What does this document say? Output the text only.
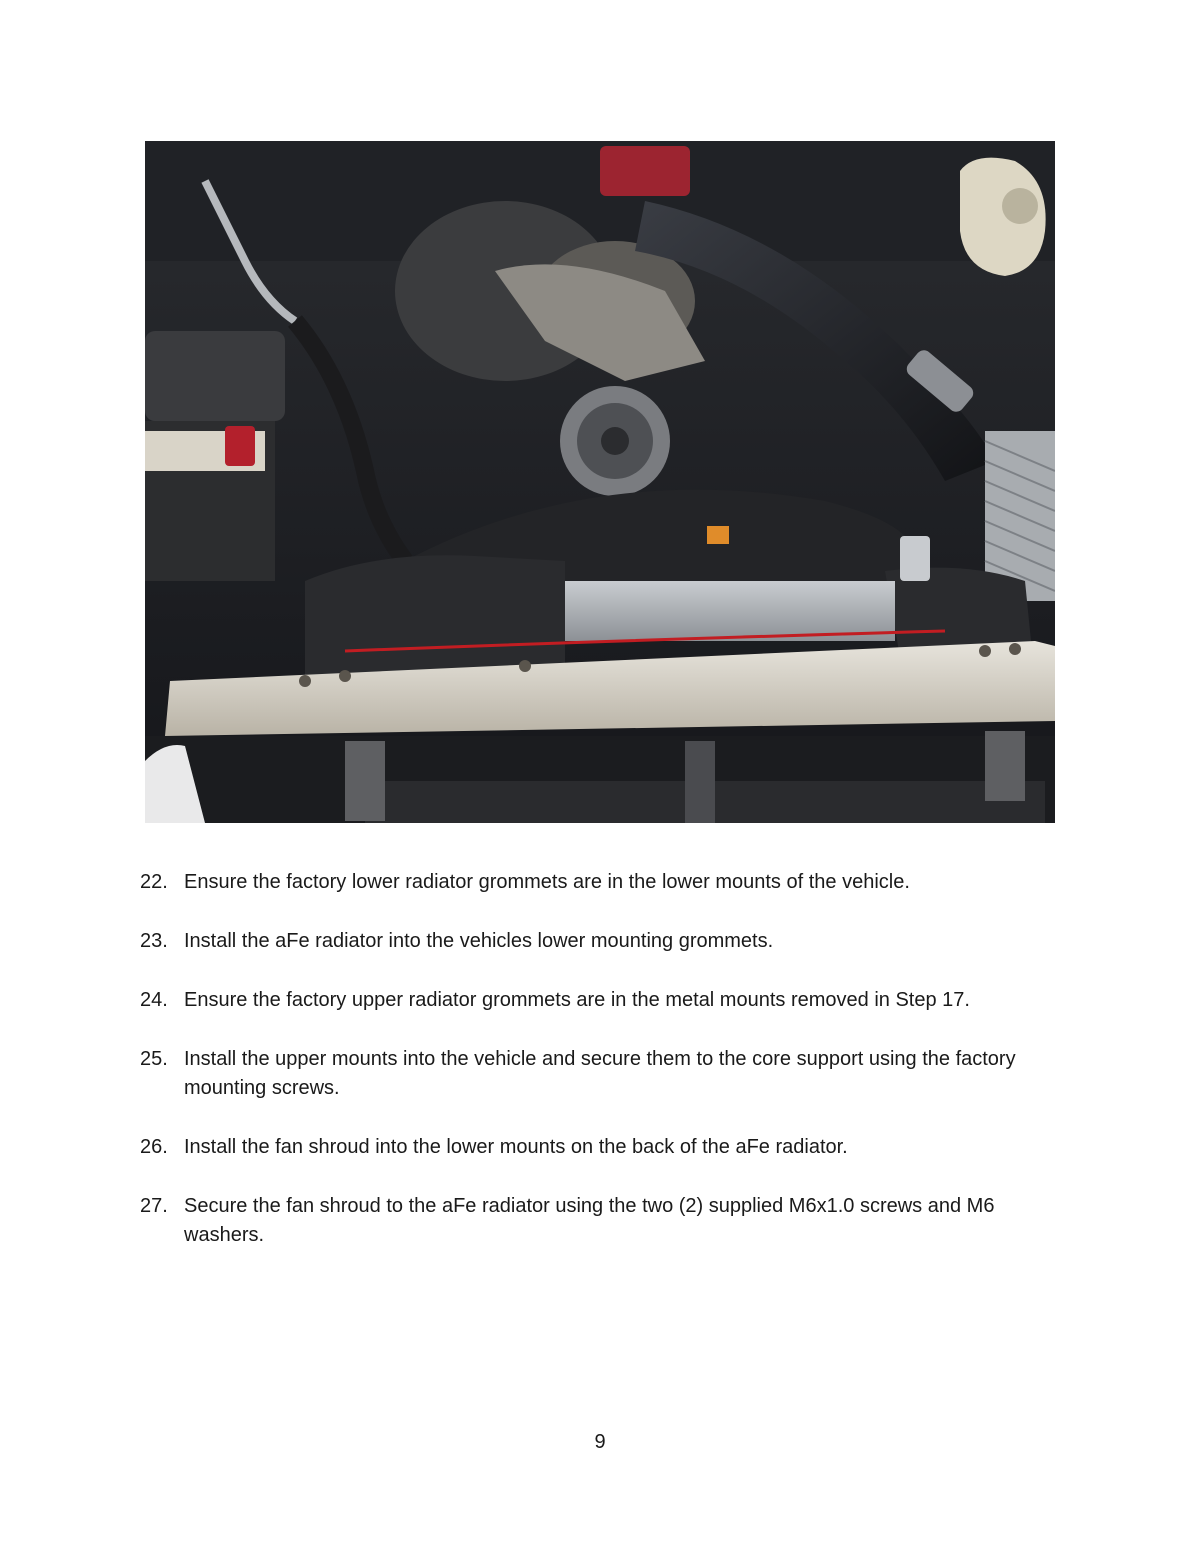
22. Ensure the factory lower radiator grommets are in the lower mounts of the vehicle.
23. Install the aFe radiator into the vehicles lower mounting grommets.
24. Ensure the factory upper radiator grommets are in the metal mounts removed in Step 17.
25. Install the upper mounts into the vehicle and secure them to the core support using the factory mounting screws.
26. Install the fan shroud into the lower mounts on the back of the aFe radiator.
27. Secure the fan shroud to the aFe radiator using the two (2) supplied M6x1.0 screws and M6 washers.
9
